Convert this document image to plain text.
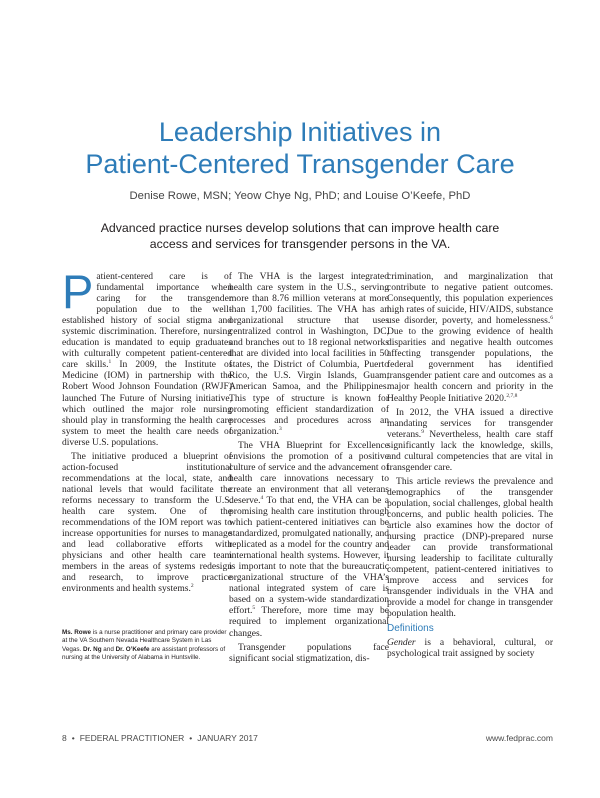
Leadership Initiatives in
Patient-Centered Transgender Care
Denise Rowe, MSN; Yeow Chye Ng, PhD; and Louise O’Keefe, PhD
Advanced practice nurses develop solutions that can improve health care
access and services for transgender persons in the VA.

Patient-centered care is of fundamental importance when caring for the transgender population due to the well-established history of social stigma and systemic discrimination. Therefore, nursing education is mandated to equip graduates with culturally competent patient-centered care skills.$^1$ In 2009, the Institute of Medicine (IOM) in partnership with the Robert Wood Johnson Foundation (RWJF) launched The Future of Nursing initiative, which outlined the major role nursing should play in transforming the health care system to meet the health care needs of diverse U.S. populations.

The initiative produced a blueprint of action-focused institutional recommendations at the local, state, and national levels that would facilitate the reforms necessary to transform the U.S. health care system. One of the recommendations of the IOM report was to increase opportunities for nurses to manage and lead collaborative efforts with physicians and other health care team members in the areas of systems redesign and research, to improve practice environments and health systems.$^2$

Ms. Rowe is a nurse practitioner and primary care provider at the VA Southern Nevada Healthcare System in Las Vegas. Dr. Ng and Dr. O’Keefe are assistant professors of nursing at the University of Alabama in Huntsville.

The VHA is the largest integrated health care system in the U.S., serving more than 8.76 million veterans at more than 1,700 facilities. The VHA has an organizational structure that uses centralized control in Washington, DC, and branches out to 18 regional networks that are divided into local facilities in 50 states, the District of Columbia, Puerto Rico, the U.S. Virgin Islands, Guam, American Samoa, and the Philippines. This type of structure is known for promoting efficient standardization of processes and procedures across an organization.$^3$

The VHA Blueprint for Excellence envisions the promotion of a positive culture of service and the advancement of health care innovations necessary to create an environment that all veterans deserve.$^4$ To that end, the VHA can be a promising health care institution through which patient-centered initiatives can be standardized, promulgated nationally, and replicated as a model for the country and international health systems. However, it is important to note that the bureaucratic organizational structure of the VHA’s national integrated system of care is based on a system-wide standardization effort.$^5$ Therefore, more time may be required to implement organizational changes.

Transgender populations face significant social stigmatization, dis-

crimination, and marginalization that contribute to negative patient outcomes. Consequently, this population experiences high rates of suicide, HIV/AIDS, substance use disorder, poverty, and homelessness.$^6$ Due to the growing evidence of health disparities and negative health outcomes affecting transgender populations, the federal government has identified transgender patient care and outcomes as a major health concern and priority in the Healthy People Initiative 2020.$^{2,7,8}$

In 2012, the VHA issued a directive mandating services for transgender veterans.$^9$ Nevertheless, health care staff significantly lack the knowledge, skills, and cultural competencies that are vital in transgender care.

This article reviews the prevalence and demographics of the transgender population, social challenges, global health concerns, and public health policies. The article also examines how the doctor of nursing practice (DNP)-prepared nurse leader can provide transformational nursing leadership to facilitate culturally competent, patient-centered initiatives to improve access and services for transgender individuals in the VHA and provide a model for change in transgender population health.

Definitions

Gender is a behavioral, cultural, or psychological trait assigned by society

8 • FEDERAL PRACTITIONER • JANUARY 2017	www.fedprac.com
